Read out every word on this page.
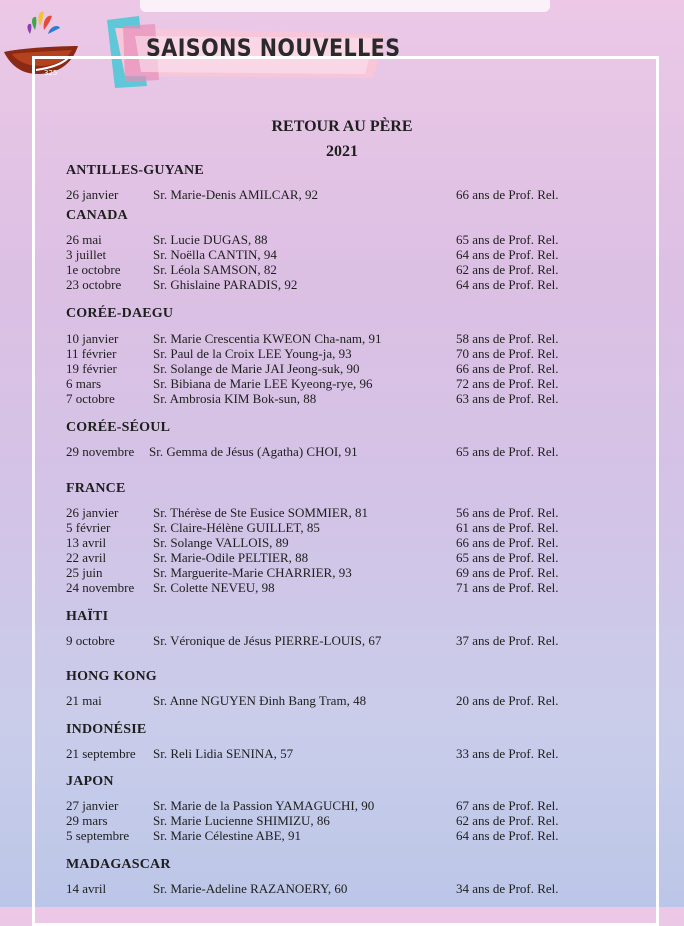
325
SAISONS NOUVELLES
RETOUR AU PÈRE
2021
ANTILLES-GUYANE
26 janvier	Sr. Marie-Denis AMILCAR, 92	66 ans de Prof. Rel.
CANADA
26 mai	Sr. Lucie DUGAS, 88	65 ans de Prof. Rel.
3 juillet	Sr. Noëlla CANTIN, 94	64 ans de Prof. Rel.
1e octobre Sr. Léola SAMSON, 82	62 ans de Prof. Rel.
23 octobre Sr. Ghislaine PARADIS, 92	64 ans de Prof. Rel.
CORÉE-DAEGU
10 janvier	Sr. Marie Crescentia KWEON Cha-nam, 91	58 ans de Prof. Rel.
11 février	Sr. Paul de la Croix LEE Young-ja, 93	70 ans de Prof. Rel.
19 février	Sr. Solange de Marie JAI Jeong-suk, 90	66 ans de Prof. Rel.
6 mars	Sr. Bibiana de Marie LEE Kyeong-rye, 96	72 ans de Prof. Rel.
7 octobre	Sr. Ambrosia KIM Bok-sun, 88	63 ans de Prof. Rel.
CORÉE-SÉOUL
29 novembre Sr. Gemma de Jésus (Agatha) CHOI, 91	65 ans de Prof. Rel.
FRANCE
26 janvier	Sr. Thérèse de Ste Eusice SOMMIER, 81	56 ans de Prof. Rel.
5 février	Sr. Claire-Hélène GUILLET, 85	61 ans de Prof. Rel.
13 avril	Sr. Solange VALLOIS, 89	66 ans de Prof. Rel.
22 avril	Sr. Marie-Odile PELTIER, 88	65 ans de Prof. Rel.
25 juin	Sr. Marguerite-Marie CHARRIER, 93	69 ans de Prof. Rel.
24 novembre Sr. Colette NEVEU, 98	71 ans de Prof. Rel.
HAÏTI
9 octobre	Sr. Véronique de Jésus PIERRE-LOUIS, 67	37 ans de Prof. Rel.
HONG KONG
21 mai	Sr. Anne NGUYEN Đinh Bang Tram, 48	20 ans de Prof. Rel.
INDONÉSIE
21 septembre Sr. Reli Lidia SENINA, 57	33 ans de Prof. Rel.
JAPON
27 janvier	Sr. Marie de la Passion YAMAGUCHI, 90	67 ans de Prof. Rel.
29 mars	Sr. Marie Lucienne SHIMIZU, 86	62 ans de Prof. Rel.
5 septembre Sr. Marie Célestine ABE, 91	64 ans de Prof. Rel.
MADAGASCAR
14 avril	Sr. Marie-Adeline RAZANOERY, 60	34 ans de Prof. Rel.
